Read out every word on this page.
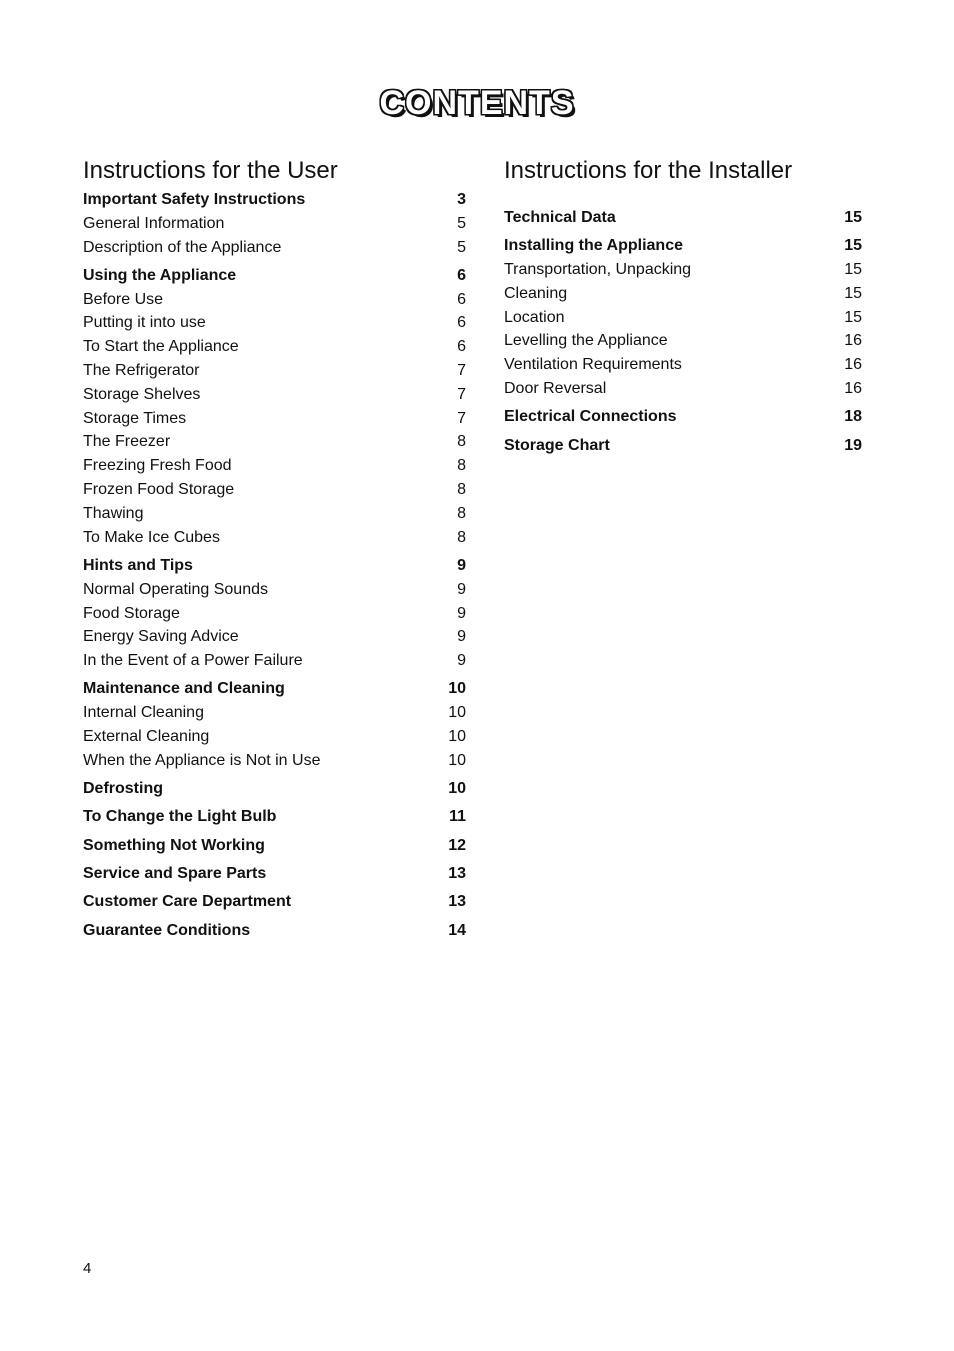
CONTENTS
Instructions for the User
Important Safety Instructions	3
General Information	5
Description of the Appliance	5
Using the Appliance	6
Before Use	6
Putting it into use	6
To Start the Appliance	6
The Refrigerator	7
Storage Shelves	7
Storage Times	7
The Freezer	8
Freezing Fresh Food	8
Frozen Food Storage	8
Thawing	8
To Make Ice Cubes	8
Hints and Tips	9
Normal Operating Sounds	9
Food Storage	9
Energy Saving Advice	9
In the Event of a Power Failure	9
Maintenance and Cleaning	10
Internal Cleaning	10
External Cleaning	10
When the Appliance is Not in Use	10
Defrosting	10
To Change the Light Bulb	11
Something Not Working	12
Service and Spare Parts	13
Customer Care Department	13
Guarantee Conditions	14
Instructions for the Installer
Technical Data	15
Installing the Appliance	15
Transportation, Unpacking	15
Cleaning	15
Location	15
Levelling the Appliance	16
Ventilation Requirements	16
Door Reversal	16
Electrical Connections	18
Storage Chart	19
4
